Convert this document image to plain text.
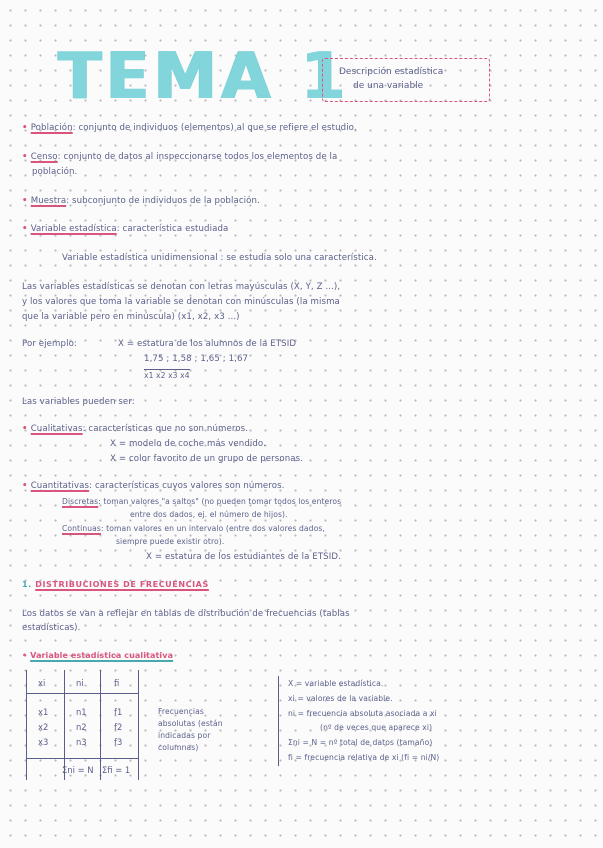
TEMA 1
Descripción estadística
de una variable
• Población: conjunto de individuos (elementos) al que se refiere el estudio.
• Censo: conjunto de datos al inspeccionarse todos los elementos de la
población.
• Muestra: subconjunto de individuos de la población.
• Variable estadística: característica estudiada
Variable estadística unidimensional : se estudia solo una característica.
Las variables estadísticas se denotan con letras mayúsculas (X, Y, Z ...),
y los valores que toma la variable se denotan con minúsculas (la misma
que la variable pero en minúscula) (x1, x2, x3 ...)
Por ejemplo:	X = estatura de los alumnos de la ETSID
1,75 ; 1,58 ; 1,65 ; 1,67
x1 x2 x3 x4
Las variables pueden ser:
• Cualitativas: características que no son números.
X = modelo de coche más vendido.
X = color favorito de un grupo de personas.
• Cuantitativas: características cuyos valores son números.
Discretas: toman valores "a saltos" (no pueden tomar todos los enteros
entre dos dados, ej. el número de hijos).
Continuas: toman valores en un intervalo (entre dos valores dados,
siempre puede existir otro).
X = estatura de los estudiantes de la ETSID.
1. DISTRIBUCIONES DE FRECUENCIAS
Los datos se van a reflejar en tablas de distribución de frecuencias (tablas
estadísticas).
• Variable estadística cualitativa
xi	ni	fi
x1	n1	f1
x2	n2	f2
x3	n3	f3
Σni = N Σfi = 1
Frecuencias
absolutas (están
indicadas por
columnas)
X = variable estadística.
xi = valores de la variable.
ni = frecuencia absoluta asociada a xi
(nº de veces que aparece xi)
Σni = N = nº total de datos (tamaño)
fi = frecuencia relativa de xi (fi = ni/N)
